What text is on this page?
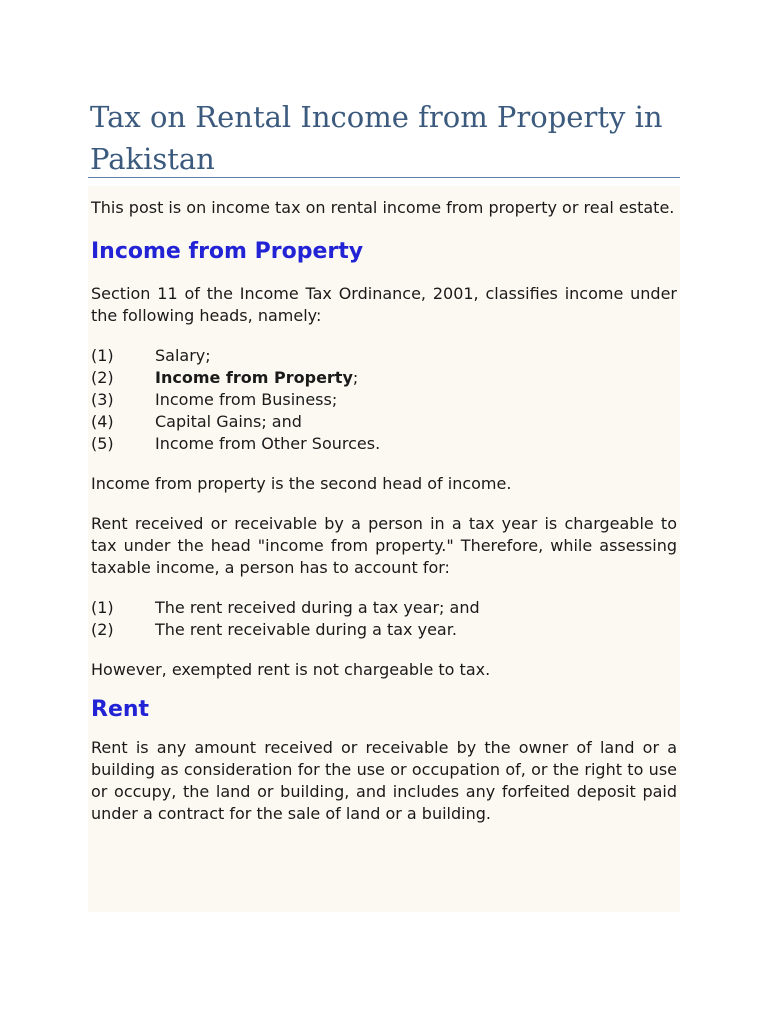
Tax on Rental Income from Property in Pakistan

This post is on income tax on rental income from property or real estate.

Income from Property

Section 11 of the Income Tax Ordinance, 2001, classifies income under the following heads, namely:

(1)	Salary;
(2)	Income from Property;
(3)	Income from Business;
(4)	Capital Gains; and
(5)	Income from Other Sources.

Income from property is the second head of income.

Rent received or receivable by a person in a tax year is chargeable to tax under the head "income from property." Therefore, while assessing taxable income, a person has to account for:

(1)	The rent received during a tax year; and
(2)	The rent receivable during a tax year.

However, exempted rent is not chargeable to tax.

Rent

Rent is any amount received or receivable by the owner of land or a building as consideration for the use or occupation of, or the right to use or occupy, the land or building, and includes any forfeited deposit paid under a contract for the sale of land or a building.
